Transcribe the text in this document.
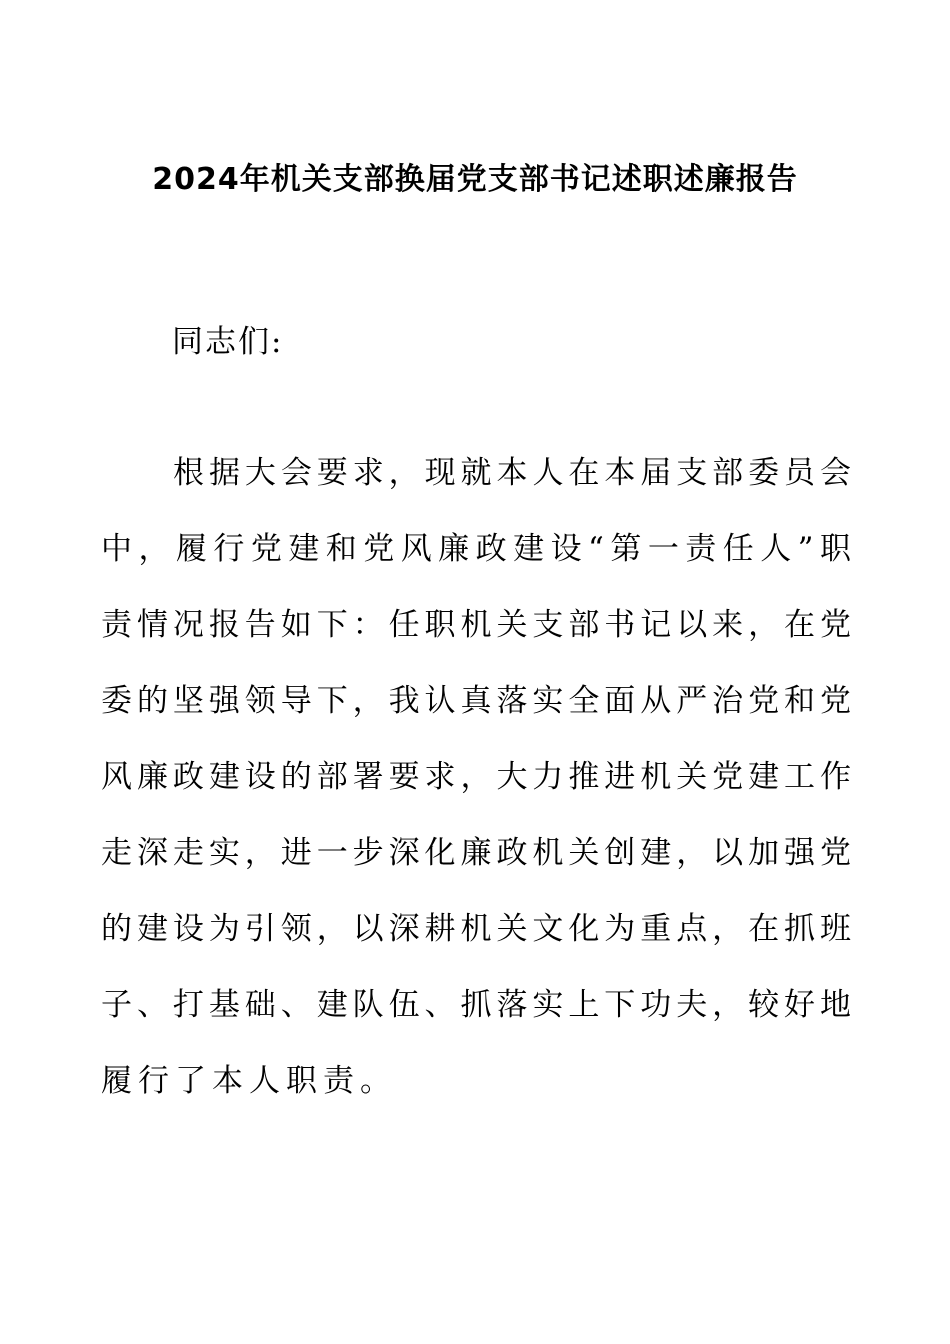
2024年机关支部换届党支部书记述职述廉报告

同志们:

根据大会要求，现就本人在本届支部委员会
中，履行党建和党风廉政建设“第一责任人”职
责情况报告如下：任职机关支部书记以来，在党
委的坚强领导下，我认真落实全面从严治党和党
风廉政建设的部署要求，大力推进机关党建工作
走深走实，进一步深化廉政机关创建，以加强党
的建设为引领，以深耕机关文化为重点，在抓班
子、打基础、建队伍、抓落实上下功夫，较好地
履行了本人职责。
